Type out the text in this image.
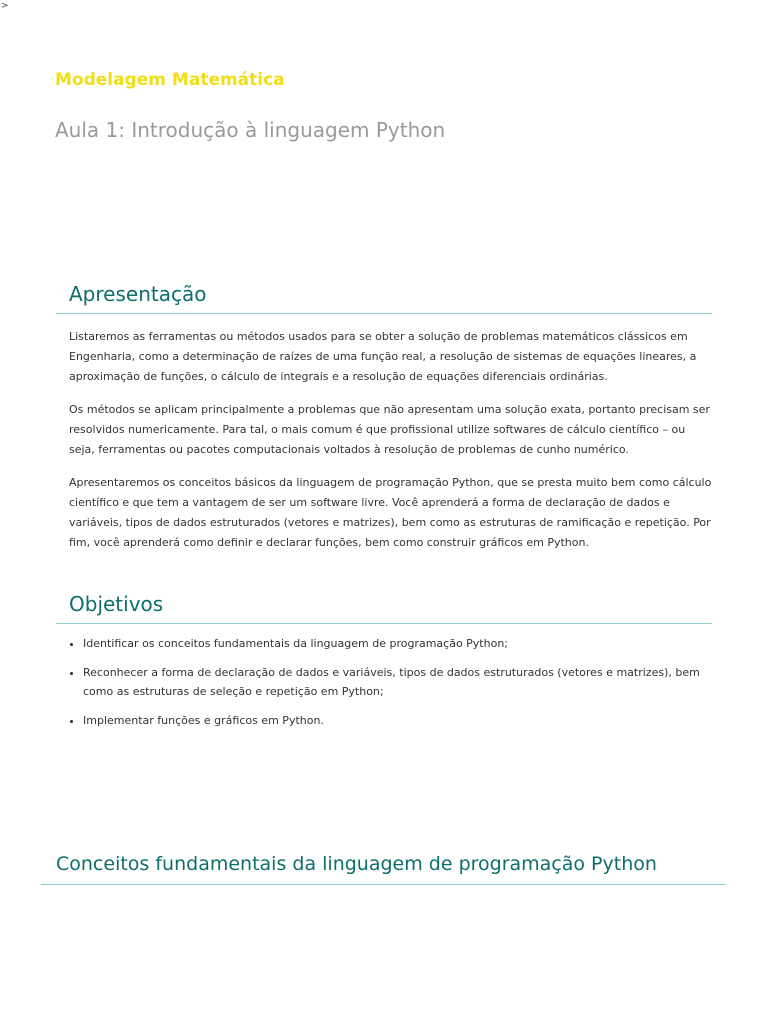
>
Modelagem Matemática
Aula 1: Introdução à linguagem Python
Apresentação

Listaremos as ferramentas ou métodos usados para se obter a solução de problemas matemáticos clássicos em Engenharia, como a determinação de raízes de uma função real, a resolução de sistemas de equações lineares, a aproximação de funções, o cálculo de integrais e a resolução de equações diferenciais ordinárias.

Os métodos se aplicam principalmente a problemas que não apresentam uma solução exata, portanto precisam ser resolvidos numericamente. Para tal, o mais comum é que profissional utilize softwares de cálculo científico – ou seja, ferramentas ou pacotes computacionais voltados à resolução de problemas de cunho numérico.

Apresentaremos os conceitos básicos da linguagem de programação Python, que se presta muito bem como cálculo científico e que tem a vantagem de ser um software livre. Você aprenderá a forma de declaração de dados e variáveis, tipos de dados estruturados (vetores e matrizes), bem como as estruturas de ramificação e repetição. Por fim, você aprenderá como definir e declarar funções, bem como construir gráficos em Python.

Objetivos
• Identificar os conceitos fundamentais da linguagem de programação Python;
• Reconhecer a forma de declaração de dados e variáveis, tipos de dados estruturados (vetores e matrizes), bem como as estruturas de seleção e repetição em Python;
• Implementar funções e gráficos em Python.
Conceitos fundamentais da linguagem de programação Python
